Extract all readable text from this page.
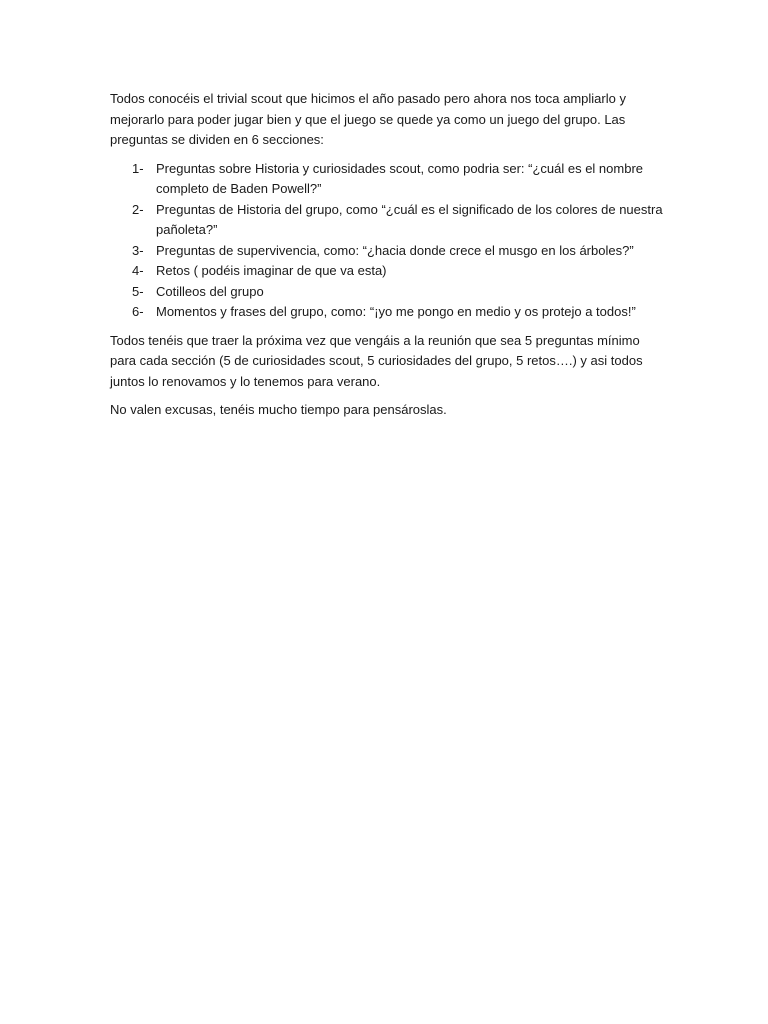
Todos conocéis el trivial scout que hicimos el año pasado pero ahora nos toca ampliarlo y mejorarlo para poder jugar bien y que el juego se quede ya como un juego del grupo. Las preguntas se dividen en 6 secciones:

1- Preguntas sobre Historia y curiosidades scout, como podria ser: “¿cuál es el nombre completo de Baden Powell?”
2- Preguntas de Historia del grupo, como “¿cuál es el significado de los colores de nuestra pañoleta?”
3- Preguntas de supervivencia, como: “¿hacia donde crece el musgo en los árboles?”
4- Retos ( podéis imaginar de que va esta)
5- Cotilleos del grupo
6- Momentos y frases del grupo, como: “¡yo me pongo en medio y os protejo a todos!”

Todos tenéis que traer la próxima vez que vengáis a la reunión que sea 5 preguntas mínimo para cada sección (5 de curiosidades scout, 5 curiosidades del grupo, 5 retos….) y asi todos juntos lo renovamos y lo tenemos para verano.

No valen excusas, tenéis mucho tiempo para pensároslas.
